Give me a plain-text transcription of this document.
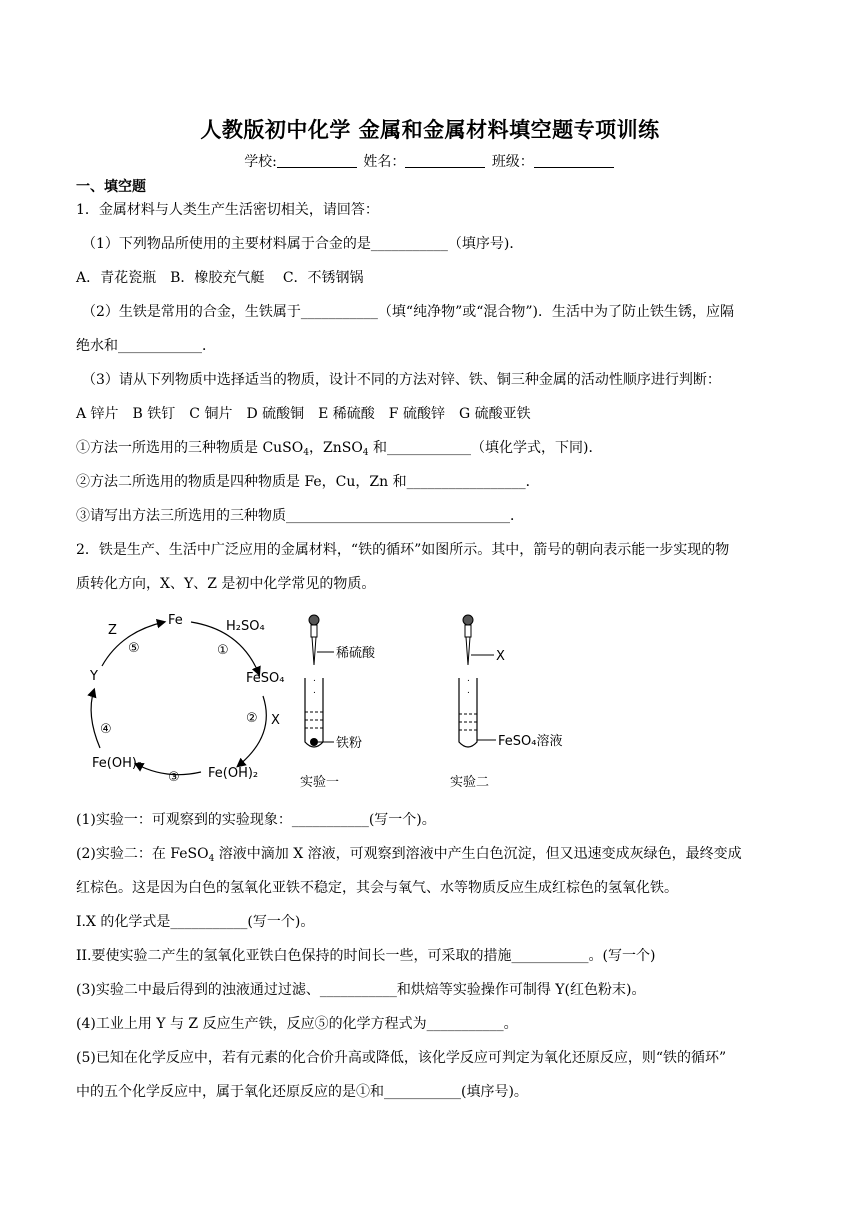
人教版初中化学 金属和金属材料填空题专项训练
学校:	姓名：	班级：
一、填空题
1．金属材料与人类生产生活密切相关，请回答：
（1）下列物品所使用的主要材料属于合金的是___________（填序号)．
A．青花瓷瓶　B．橡胶充气艇　 C．不锈钢锅
（2）生铁是常用的合金，生铁属于___________（填“纯净物”或“混合物”)．生活中为了防止铁生锈，应隔
绝水和____________．
（3）请从下列物质中选择适当的物质，设计不同的方法对锌、铁、铜三种金属的活动性顺序进行判断：
A 锌片　B 铁钉　C 铜片　D 硫酸铜　E 稀硫酸　F 硫酸锌　G 硫酸亚铁
①方法一所选用的三种物质是 CuSO$_4$，ZnSO$_4$ 和____________（填化学式，下同)．
②方法二所选用的物质是四种物质是 Fe，Cu，Zn 和_________________．
③请写出方法三所选用的三种物质________________________________．
2．铁是生产、生活中广泛应用的金属材料，“铁的循环”如图所示。其中，箭号的朝向表示能一步实现的物
质转化方向，X、Y、Z 是初中化学常见的物质。
Fe	H₂SO₄
FeSO₄
X
Fe(OH)₂
Fe(OH)₃
Y
Z
⑤	①
②
③
④
稀硫酸
٠
٠
铁粉
实验一
X
٠
٠
FeSO₄溶液
实验二
(1)实验一：可观察到的实验现象：___________(写一个)。
(2)实验二：在 FeSO$_4$ 溶液中滴加 X 溶液，可观察到溶液中产生白色沉淀，但又迅速变成灰绿色，最终变成
红棕色。这是因为白色的氢氧化亚铁不稳定，其会与氧气、水等物质反应生成红棕色的氢氧化铁。
I.X 的化学式是___________(写一个)。
II.要使实验二产生的氢氧化亚铁白色保持的时间长一些，可采取的措施___________。(写一个)
(3)实验二中最后得到的浊液通过过滤、___________和烘焙等实验操作可制得 Y(红色粉末)。
(4)工业上用 Y 与 Z 反应生产铁，反应⑤的化学方程式为___________。
(5)已知在化学反应中，若有元素的化合价升高或降低，该化学反应可判定为氧化还原反应，则“铁的循环”
中的五个化学反应中，属于氧化还原反应的是①和___________(填序号)。
